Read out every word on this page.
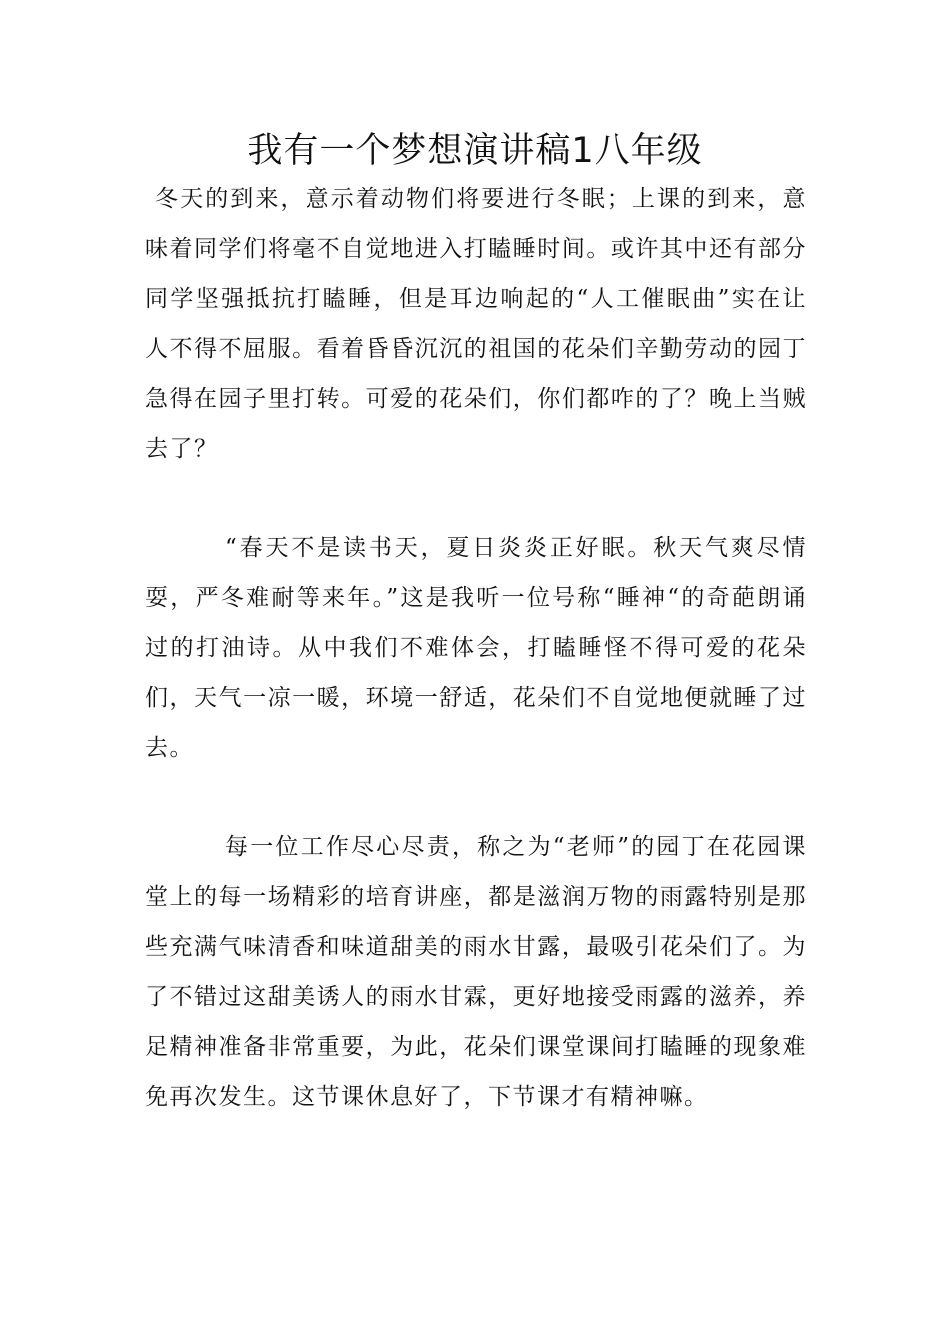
我有一个梦想演讲稿1八年级

冬天的到来，意示着动物们将要进行冬眠；上课的到来，意味着同学们将毫不自觉地进入打瞌睡时间。或许其中还有部分同学坚强抵抗打瞌睡，但是耳边响起的“人工催眠曲”实在让人不得不屈服。看着昏昏沉沉的祖国的花朵们辛勤劳动的园丁急得在园子里打转。可爱的花朵们，你们都咋的了？晚上当贼去了？

“春天不是读书天，夏日炎炎正好眠。秋天气爽尽情耍，严冬难耐等来年。”这是我听一位号称“睡神“的奇葩朗诵过的打油诗。从中我们不难体会，打瞌睡怪不得可爱的花朵们，天气一凉一暖，环境一舒适，花朵们不自觉地便就睡了过去。

每一位工作尽心尽责，称之为“老师”的园丁在花园课堂上的每一场精彩的培育讲座，都是滋润万物的雨露特别是那些充满气味清香和味道甜美的雨水甘露，最吸引花朵们了。为了不错过这甜美诱人的雨水甘霖，更好地接受雨露的滋养，养足精神准备非常重要，为此，花朵们课堂课间打瞌睡的现象难免再次发生。这节课休息好了，下节课才有精神嘛。
